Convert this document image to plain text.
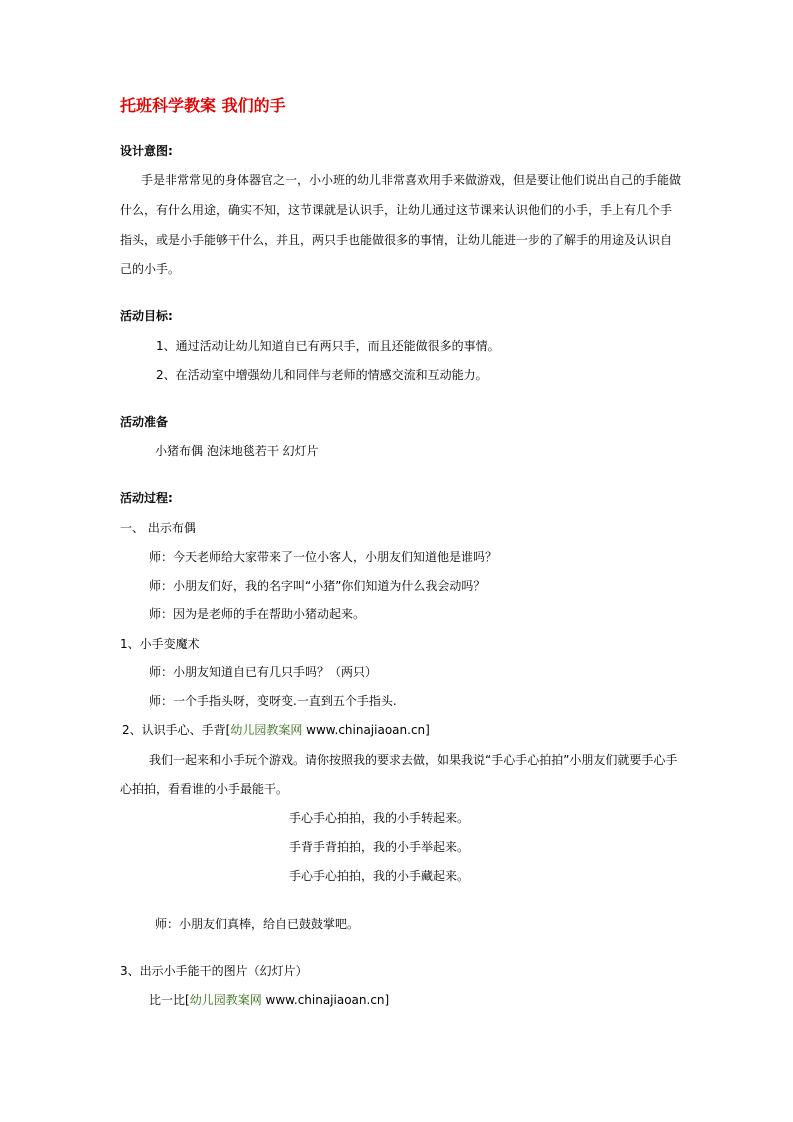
托班科学教案 我们的手
设计意图:
手是非常常见的身体器官之一，小小班的幼儿非常喜欢用手来做游戏，但是要让他们说出自己的手能做
什么，有什么用途，确实不知，这节课就是认识手，让幼儿通过这节课来认识他们的小手，手上有几个手
指头，或是小手能够干什么，并且，两只手也能做很多的事情，让幼儿能进一步的了解手的用途及认识自
己的小手。
活动目标:
1、通过活动让幼儿知道自已有两只手，而且还能做很多的事情。
2、在活动室中增强幼儿和同伴与老师的情感交流和互动能力。
活动准备
小猪布偶 泡沫地毯若干 幻灯片
活动过程:
一、 出示布偶
师：今天老师给大家带来了一位小客人，小朋友们知道他是谁吗？
师：小朋友们好，我的名字叫“小猪”你们知道为什么我会动吗？
师：因为是老师的手在帮助小猪动起来。
1、小手变魔术
师：小朋友知道自已有几只手吗？（两只）
师：一个手指头呀，变呀变.一直到五个手指头.
2、认识手心、手背[幼儿园教案网 www.chinajiaoan.cn]
我们一起来和小手玩个游戏。请你按照我的要求去做，如果我说“手心手心拍拍”小朋友们就要手心手
心拍拍，看看谁的小手最能干。
手心手心拍拍，我的小手转起来。
手背手背拍拍，我的小手举起来。
手心手心拍拍，我的小手藏起来。
师：小朋友们真棒，给自已鼓鼓掌吧。
3、出示小手能干的图片（幻灯片）
比一比[幼儿园教案网 www.chinajiaoan.cn]
